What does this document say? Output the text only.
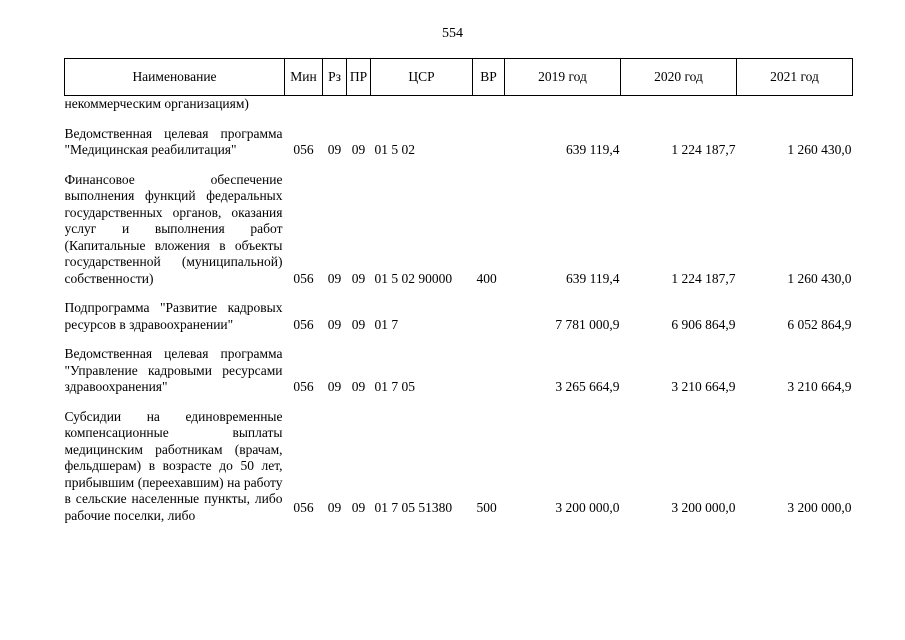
554
Наименование	Мин	Рз	ПР	ЦСР	ВР	2019 год	2020 год	2021 год
некоммерческим организациям)								

Ведомственная целевая программа "Медицинская реабилитация"	056	09	09	01 5 02		639 119,4	1 224 187,7	1 260 430,0

Финансовое обеспечение выполнения функций федеральных государственных органов, оказания услуг и выполнения работ (Капитальные вложения в объекты государственной (муниципальной) собственности)	056	09	09	01 5 02 90000	400	639 119,4	1 224 187,7	1 260 430,0

Подпрограмма "Развитие кадровых ресурсов в здравоохранении"	056	09	09	01 7		7 781 000,9	6 906 864,9	6 052 864,9

Ведомственная целевая программа "Управление кадровыми ресурсами здравоохранения"	056	09	09	01 7 05		3 265 664,9	3 210 664,9	3 210 664,9

Субсидии на единовременные компенсационные выплаты медицинским работникам (врачам, фельдшерам) в возрасте до 50 лет, прибывшим (переехавшим) на работу в сельские населенные пункты, либо рабочие поселки, либо	056	09	09	01 7 05 51380	500	3 200 000,0	3 200 000,0	3 200 000,0
